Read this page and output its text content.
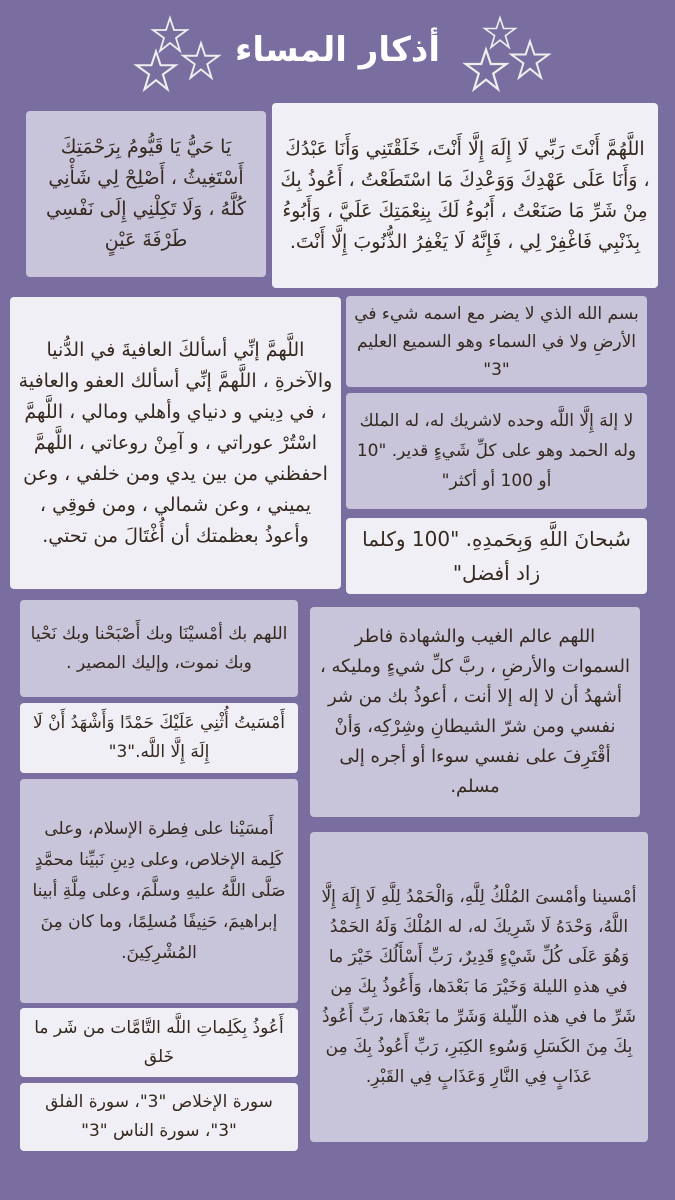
أذكار المساء

اللَّهُمَّ أَنْتَ رَبِّي لَا إِلَهَ إِلَّا أَنْتَ، خَلَقْتَنِي وَأَنَا عَبْدُكَ ، وَأَنَا عَلَى عَهْدِكَ وَوَعْدِكَ مَا اسْتَطَعْتُ ، أَعُوذُ بِكَ مِنْ شَرِّ مَا صَنَعْتُ ، أَبُوءُ لَكَ بِنِعْمَتِكَ عَلَيَّ ، وَأَبُوءُ بِذَنْبِي فَاغْفِرْ لِي ، فَإِنَّهُ لَا يَغْفِرُ الذُّنُوبَ إِلَّا أَنْتَ.

يَا حَيُّ يَا قَيُّومُ بِرَحْمَتِكَ أَسْتَغِيثُ ، أَصْلِحْ لِي شَأْنِي كُلَّهُ ، وَلَا تَكِلْنِي إِلَى نَفْسِي طَرْفَةَ عَيْنٍ

اللَّهمَّ إنِّي أسألكَ العافيةَ في الدُّنيا والآخرةِ ، اللَّهمَّ إنِّي أسألك العفو والعافية ، في دِيني و دنياي وأهلي ومالي ، اللَّهمَّ اسْتُرْ عوراتي ، و آمِنْ روعاتي ، اللَّهمَّ احفظني من بين يدي ومن خلفي ، وعن يميني ، وعن شمالي ، ومن فوقِي ، وأعوذُ بعظمتك أن أُغْتَالَ من تحتي.

بسم الله الذي لا يضر مع اسمه شيء في الأرضِ ولا في السماء وهو السميع العليم "3"

لا إلهَ إِلَّا اللَّه وحده لاشريك له، له الملك وله الحمد وهو على كلِّ شَيءٍ قدير. "10 أو 100 أو أكثر"

سُبحانَ اللَّهِ وَبِحَمدِهِ. "100 وكلما زاد أفضل"

اللهم بك أمْسيْنَا وبك أَصْبَحْنا وبك نَحْيا وبك نموت، وإليك المصير .

أَمْسَيتُ أُثْنِي عَلَيْكَ حَمْدًا وَأَشْهَدُ أَنْ لَا إِلَهَ إِلَّا اللَّه."3"

أَمسَيْنا على فِطرة الإسلام، وعلى كَلِمة الإخلاص، وعلى دِينِ نَبيِّنا محمَّدٍ صَلَّى اللَّهُ عليهِ وسلَّمَ، وعلى مِلَّةِ أبينا إبراهيمَ، حَنِيفًا مُسلِمًا، وما كان مِنَ المُشْرِكِينَ.

أَعُوذُ بِكَلِماتِ اللَّه التَّامَّات من شَر ما خَلق

سورة الإخلاص "3"، سورة الفلق "3"، سورة الناس "3"

اللهم عالم الغيب والشهادة فاطر السموات والأرضِ ، ربَّ كلِّ شيءٍ ومليكه ، أشهدُ أن لا إله إلا أنت ، أعوذُ بك من شر نفسي ومن شرّ الشيطانِ وشِرْكِه، وَأنْ أقْتَرِفَ على نفسي سوءا أو أجره إلى مسلم.

أمْسينا وأمْسىَ المُلْكُ لِلَّهِ، وَالْحَمْدُ لِلَّهِ لَا إِلَهَ إِلَّا اللَّهُ، وَحْدَهُ لَا شَرِيكَ له، له المُلْكَ وَلَهُ الحَمْدُ وَهُوَ عَلَى كُلِّ شَيْءٍ قَدِيرٌ، رَبِّ أَسْأَلُكَ خَيْرَ ما في هذهِ الليلة وَخَيْرَ مَا بَعْدَها، وَأَعُوذُ بِكَ مِن شَرِّ ما في هذه اللّيلة وَشَرِّ ما بَعْدَها، رَبِّ أَعُوذُ بِكَ مِنَ الكَسَلِ وَسُوءِ الكِبَرِ، رَبِّ أَعُوذُ بِكَ مِن عَذَابٍ فِي النَّارِ وَعَذَابٍ فِي القَبْرِ.
